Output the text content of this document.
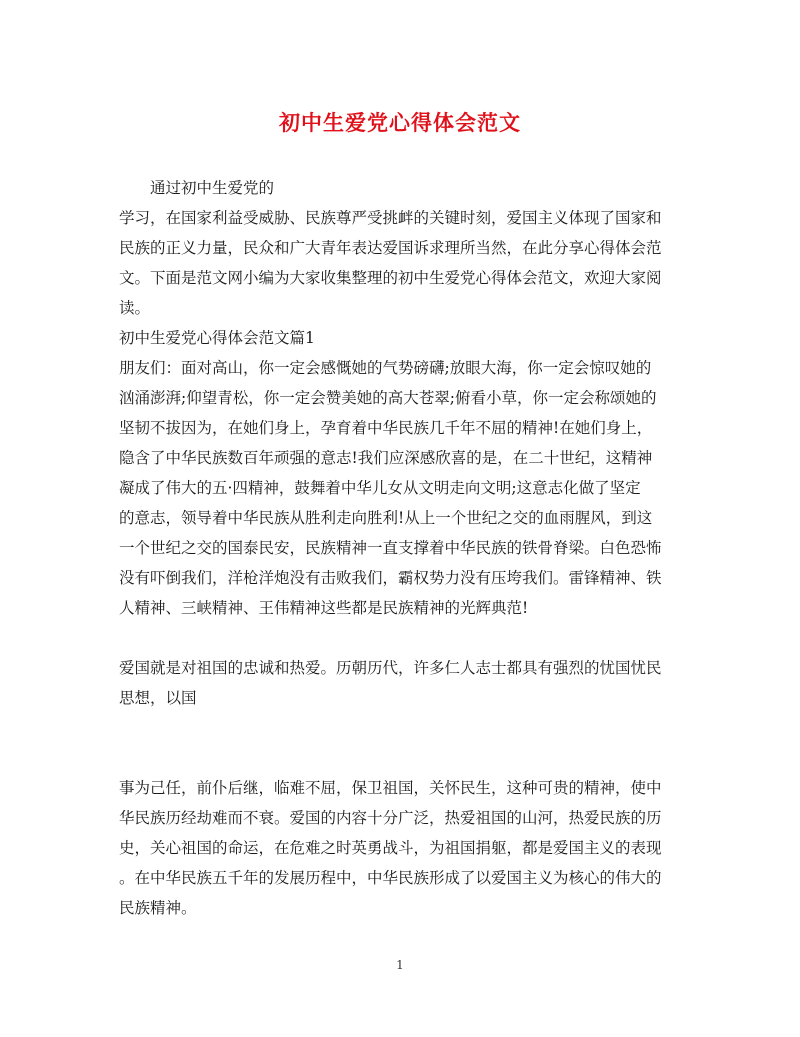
初中生爱党心得体会范文
通过初中生爱党的
学习，在国家利益受威胁、民族尊严受挑衅的关键时刻，爱国主义体现了国家和
民族的正义力量，民众和广大青年表达爱国诉求理所当然，在此分享心得体会范
文。下面是范文网小编为大家收集整理的初中生爱党心得体会范文，欢迎大家阅
读。
初中生爱党心得体会范文篇1
朋友们：面对高山，你一定会感慨她的气势磅礴;放眼大海，你一定会惊叹她的
汹涌澎湃;仰望青松，你一定会赞美她的高大苍翠;俯看小草，你一定会称颂她的
坚韧不拔因为，在她们身上，孕育着中华民族几千年不屈的精神!在她们身上，
隐含了中华民族数百年顽强的意志!我们应深感欣喜的是，在二十世纪，这精神
凝成了伟大的五·四精神，鼓舞着中华儿女从文明走向文明;这意志化做了坚定
的意志，领导着中华民族从胜利走向胜利!从上一个世纪之交的血雨腥风，到这
一个世纪之交的国泰民安，民族精神一直支撑着中华民族的铁骨脊梁。白色恐怖
没有吓倒我们，洋枪洋炮没有击败我们，霸权势力没有压垮我们。雷锋精神、铁
人精神、三峡精神、王伟精神这些都是民族精神的光辉典范!
爱国就是对祖国的忠诚和热爱。历朝历代，许多仁人志士都具有强烈的忧国忧民
思想，以国
事为己任，前仆后继，临难不屈，保卫祖国，关怀民生，这种可贵的精神，使中
华民族历经劫难而不衰。爱国的内容十分广泛，热爱祖国的山河，热爱民族的历
史，关心祖国的命运，在危难之时英勇战斗，为祖国捐躯，都是爱国主义的表现
。在中华民族五千年的发展历程中，中华民族形成了以爱国主义为核心的伟大的
民族精神。
1
